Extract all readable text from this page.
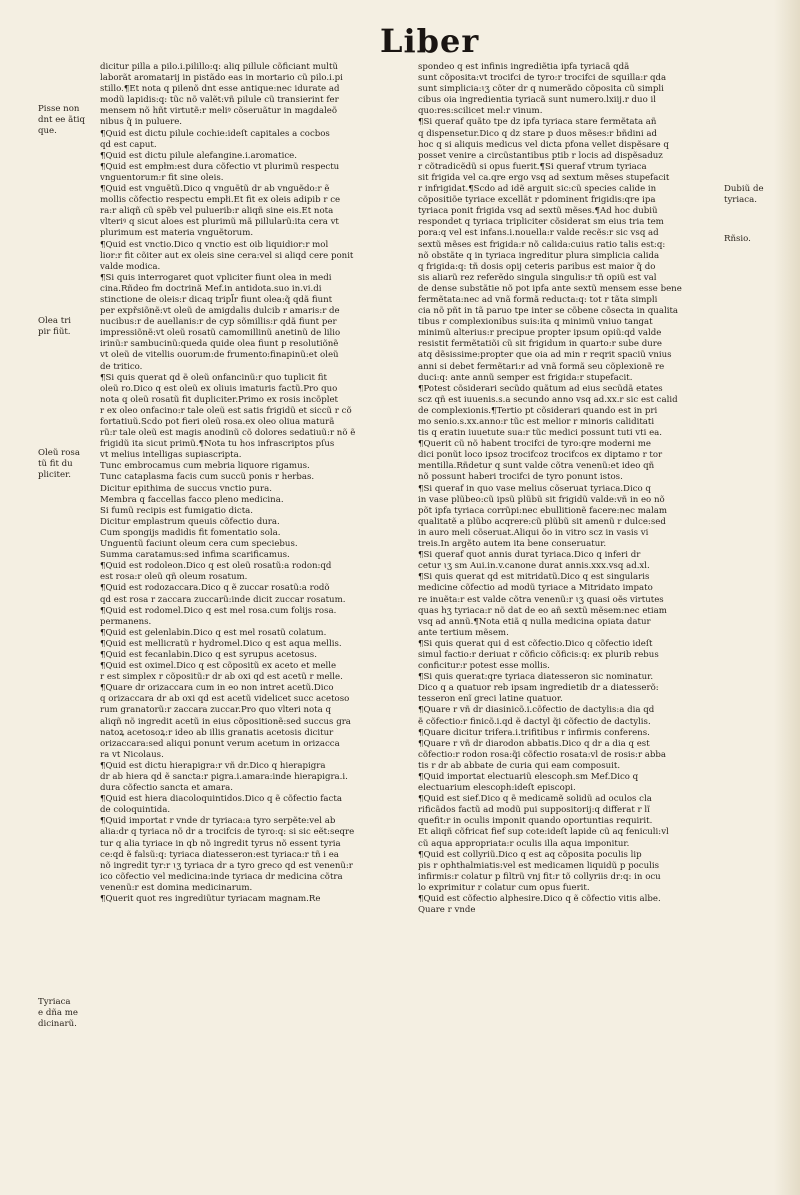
Liber
dicitur pilla a pilo.i.pilillo:q: aliq pillule cõficiant multũ
laborãt aromatarij in pistãdo eas in mortario cũ pilo.i.pi
stillo.¶Et nota q pilenõ dnt esse antique:nec idurate ad
modũ lapidis:q: tũc nõ valẽt:vñ pilule cũ transierint fer
mensem nõ hñt virtutẽ:r meliꝰ cõseruãtur in magdaleõ
nibus q̃ in puluere.
¶Quid est dictu pilule cochie:ideſt capitales a cocbos
qd est caput.
¶Quid est dictu pilule alefangine.i.aromatice.
¶Quid est empłm:est dura cõfectio vt plurimũ respectu
vnguentorum:r fit sine oleis.
¶Quid est vnguẽtũ.Dico q vnguẽtũ dr ab vnguẽdo:r ẽ
mollis cõfectio respectu empłi.Et fit ex oleis adipib r ce
ra:r aliqñ cũ spẽb vel puluerib:r aliqñ sine eis.Et nota
vlteriꝰ q sicut aloes est plurimũ mã pillularũ:ita cera vt
plurimum est materia vnguẽtorum.
¶Quid est vnctio.Dico q vnctio est oib liquidior:r mol
lior:r fit cõiter aut ex oleis sine cera:vel si aliqd cere ponit
valde modica.
¶Si quis interrogaret quot vpliciter fiunt olea in medi
cina.Rñdeo fm doctrinã Mef.in antidota.suo in.vi.di
stinctione de oleis:r dicaq tripl̃r fiunt olea:q̃ qdã fiunt
per expřsiõnẽ:vt oleũ de amigdalis dulcib r amaris:r de
nucibus:r de auellanis:r de cyp sõmillis:r qdã fiunt per
impressiõnẽ:vt oleũ rosatũ camomillinũ anetinũ de lilio
irinũ:r sambucinũ:queda quide olea fiunt p resolutiõnẽ
vt oleũ de vitellis ouorum:de frumento:finapinũ:et oleũ
de tritico.
¶Si quis querat qd ẽ oleũ onfancinũ:r quo tuplicit fit
oleũ ro.Dico q est oleũ ex oliuis imaturis factũ.Pro quo
nota q oleũ rosatũ fit dupliciter.Primo ex rosis incõplet
r ex oleo onfacino:r tale oleũ est satis frigidũ et siccũ r cõ
fortatiuũ.Scdo pot fieri oleũ rosa.ex oleo oliua maturã
rũ:r tale oleũ est magis anodinũ cõ dolores sedatiuũ:r nõ ẽ
frigidũ ita sicut primũ.¶Nota tu hos infrascriptos pſus
vt melius intelligas supiascripta.
Tunc embrocamus cum mebria liquore rigamus.
Tunc cataplasma facis cum succũ ponis r herbas.
Dicitur epithima de succus vnctio pura.
Membra q faccellas facco pleno medicina.
Si fumũ recipis est fumigatio dicta.
Dicitur emplastrum queuis cõfectio dura.
Cum spongijs madidis fit fomentatio sola.
Unguentũ faciunt oleum cera cum speciebus.
Summa caratamus:sed infima scarificamus.
¶Quid est rodoleon.Dico q est oleũ rosatũ:a rodon:qd
est rosa:r oleũ qñ oleum rosatum.
¶Quid est rodozaccara.Dico q ẽ zuccar rosatũ:a rodõ
qd est rosa r zaccara zuccarũ:inde dicit zuccar rosatum.
¶Quid est rodomel.Dico q est mel rosa.cum folijs rosa.
permanens.
¶Quid est gelenlabin.Dico q est mel rosatũ colatum.
¶Quid est mellicratũ r hydromel.Dico q est aqua mellis.
¶Quid est fecanlabin.Dico q est syrupus acetosus.
¶Quid est oximel.Dico q est cõpositũ ex aceto et melle
r est simplex r cõpositũ:r dr ab oxi qd est acetũ r melle.
¶Quare dr orizaccara cum in eo non intret acetũ.Dico
q orizaccara dr ab oxi qd est acetũ videlicet succ acetoso
rum granatorũ:r zaccara zuccar.Pro quo vlteri nota q
aliqñ nõ ingredit acetũ in eius cõpositionẽ:sed succus gra
natoꝝ acetosoꝝ:r ideo ab illis granatis acetosis dicitur
orizaccara:sed aliqui ponunt verum acetum in orizacca
ra vt Nicolaus.
¶Quid est dictu hierapigra:r vñ dr.Dico q hierapigra
dr ab hiera qd ẽ sancta:r pigra.i.amara:inde hierapigra.i.
dura cõfectio sancta et amara.
¶Quid est hiera diacoloquintidos.Dico q ẽ cõfectio facta
de coloquintida.
¶Quid importat r vnde dr tyriaca:a tyro serpẽte:vel ab
alia:dr q tyriaca nõ dr a trocifcis de tyro:q: si sic eẽt:seqre
tur q alia tyriace in qb nõ ingredit tyrus nõ essent tyria
ce:qd ẽ falsũ:q: tyriaca diatesseron:est tyriaca:r tñ i ea
nõ ingredit tyr:r ɩʒ tyriaca dr a tyro greco qd est venenũ:r
ico cõfectio vel medicina:inde tyriaca dr medicina cõtra
venenũ:r est domina medicinarum.
¶Querit quot res ingrediũtur tyriacam magnam.Re
spondeo q est infinis ingrediẽtia ipfa tyriacã qdã
sunt cõposita:vt trocifci de tyro:r trocifci de squilla:r qda
sunt simplicia:ɩʒ cõter dr q numerãdo cõposita cũ simpli
cibus oia ingredientia tyriacã sunt numero.lxiij.r duo il
quo:res:scilicet mel:r vinum.
¶Si queraf quãto tpe dz ipfa tyriaca stare fermẽtata añ
q dispensetur.Dico q dz stare p duos mẽses:r bñdini ad
hoc q si aliquis medicus vel dicta pfona vellet dispẽsare q
posset venire a circũstantibus ptib r locis ad dispẽsaduz
r cõtradicẽdũ si opus fuerit.¶Si queraf vtrum tyriaca
sit frigida vel ca.qre ergo vsq ad sextum mẽses stupefacit
r infrigidat.¶Scdo ad idẽ arguit sic:cũ species calide in
cõpositiõe tyriace excellãt r pdominent frigidis:qre ipa
tyriaca ponit frigida vsq ad sextũ mẽses.¶Ad hoc dubiũ
respondet q tyriaca tripliciter cõsiderat sm eius tria tem
pora:q vel est infans.i.nouella:r valde recẽs:r sic vsq ad
sextũ mẽses est frigida:r nõ calida:cuius ratio talis est:q:
nõ obstãte q in tyriaca ingreditur plura simplicia calida
q frigida:q: tñ dosis opij ceteris paribus est maior q̃ do
sis aliarũ rez referẽdo singula singulis:r tñ opiũ est val
de dense substãtie nõ pot ipfa ante sextũ mensem esse bene
fermẽtata:nec ad vnã formã reducta:q: tot r tãta simpli
cia nõ pñt in tã paruo tpe inter se cõbene cõsecta in qualita
tibus r complexionibus suis:ita q minimũ vniuo tangat
minimũ alterius:r precipue propter ipsum opiũ:qd valde
resistit fermẽtatiõi cũ sit frigidum in quarto:r sube dure
atq dẽsissime:propter que oia ad min r reqrit spaciũ vnius
anni si debet fermẽtari:r ad vnã formã seu cõplexionẽ re
duci:q: ante annũ semper est frigida:r stupefacit.
¶Potest cõsiderari secũdo quãtum ad eius secũdã etates
scz qñ est iuuenis.s.a secundo anno vsq ad.xx.r sic est calid
de complexionis.¶Tertio pt cõsiderari quando est in pri
mo senio.s.xx.anno:r tũc est melior r minoris caliditati
tis q eratin iuuetute sua:r tũc medici possunt tuti vti ea.
¶Querit cũ nõ habent trocifci de tyro:qre moderni me
dici ponũt loco ipsoz trocifcoz trocifcos ex diptamo r tor
mentilla.Rñdetur q sunt valde cõtra venenũ:et ideo qñ
nõ possunt haberi trocifci de tyro ponunt istos.
¶Si queraf in quo vase melius cõseruat tyriaca.Dico q
in vase plũbeo:cũ ipsũ plũbũ sit frigidũ valde:vñ in eo nõ
põt ipfa tyriaca corrũpi:nec ebullitionẽ facere:nec malam
qualitatẽ a plũbo acqrere:cũ plũbũ sit amenũ r dulce:sed
in auro meli cõseruat.Aliqui õo in vitro scz in vasis vi
treis.In argẽto autem ita bene conseruatur.
¶Si queraf quot annis durat tyriaca.Dico q inferi dr
cetur ɩʒ sm Aui.in.v.canone durat annis.xxx.vsq ad.xl.
¶Si quis querat qd est mitridatũ.Dico q est singularis
medicine cõfectio ad modũ tyriace a Mitridato impato
re inuẽta:r est valde cõtra venenũ:r ɩʒ quasi oẽs virtutes
quas hʒ tyriaca:r nõ dat de eo añ sextũ mẽsem:nec etiam
vsq ad annũ.¶Nota etiã q nulla medicina opiata datur
ante tertium mẽsem.
¶Si quis querat qui d est cõfectio.Dico q cõfectio ideſt
simul factio:r deriuat r cõficio cõficis:q: ex plurib rebus
conficitur:r potest esse mollis.
¶Si quis querat:qre tyriaca diatesseron sic nominatur.
Dico q a quatuor reb ipsam ingredietib dr a diatesserõ:
tesseron enĩ greci latine quatuor.
¶Quare r vñ dr diasinicõ.i.cõfectio de dactylis:a dia qd
ẽ cõfectio:r finicõ.i.qd ẽ dactyl q̃i cõfectio de dactylis.
¶Quare dicitur trifera.i.trifitibus r infirmis conferens.
¶Quare r vñ dr diarodon abbatis.Dico q dr a dia q est
cõfectio:r rodon rosa:q̃i cõfectio rosata:vl de rosis:r abba
tis r dr ab abbate de curia qui eam composuit.
¶Quid importat electuariũ elescoph.sm Mef.Dico q
electuarium elescoph:ideſt episcopi.
¶Quid est sief.Dico q ẽ medicamẽ solidũ ad oculos cla
rificãdos factũ ad modũ pui suppositorij:q differat r lĩ
quefit:r in oculis imponit quando oportuntias requirit.
Et aliqñ cõfricat fief sup cote:ideſt lapide cũ aq feniculi:vl
cũ aqua appropriata:r oculis illa aqua imponitur.
¶Quid est collyriũ.Dico q est aq cõposita poculis lip
pis r ophthalmiatis:vel est medicamen liquidũ p poculis
infirmis:r colatur p filtrũ vnj fit:r tõ collyriis dr:q: in ocu
lo exprimitur r colatur cum opus fuerit.
¶Quid est cõfectio alphesire.Dico q ẽ cõfectio vitis albe.
Quare r vnde
Pisse non
dnt ee ãtiq
que.
Olea tri
pir fiũt.
Oleũ rosa
tũ fit du
pliciter.
Tyriaca
e dña me
dicinarũ.
Dubiũ de
tyriaca.
Rñsio.
